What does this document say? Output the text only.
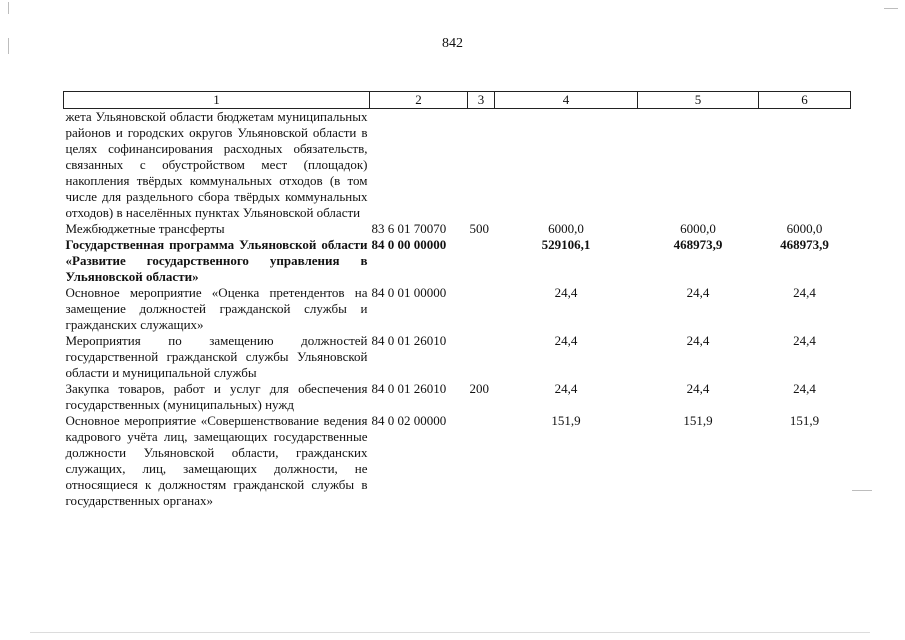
842
1	2	3	4	5	6
жета Ульяновской области бюджетам муниципальных районов и городских округов Ульяновской области в целях софинансирования расходных обязательств, связанных с обустройством мест (площадок) накопления твёрдых коммунальных отходов (в том числе для раздельного сбора твёрдых коммунальных отходов) в населённых пунктах Ульяновской области					
Межбюджетные трансферты	83 6 01 70070	500	6000,0	6000,0	6000,0
Государственная программа Ульяновской области «Развитие государственного управления в Ульяновской области»	84 0 00 00000		529106,1	468973,9	468973,9
Основное мероприятие «Оценка претендентов на замещение должностей гражданской службы и гражданских служащих»	84 0 01 00000		24,4	24,4	24,4
Мероприятия по замещению должностей государственной гражданской службы Ульяновской области и муниципальной службы	84 0 01 26010		24,4	24,4	24,4
Закупка товаров, работ и услуг для обеспечения государственных (муниципальных) нужд	84 0 01 26010	200	24,4	24,4	24,4
Основное мероприятие «Совершенствование ведения кадрового учёта лиц, замещающих государственные должности Ульяновской области, гражданских служащих, лиц, замещающих должности, не относящиеся к должностям гражданской службы в государственных органах»	84 0 02 00000		151,9	151,9	151,9
